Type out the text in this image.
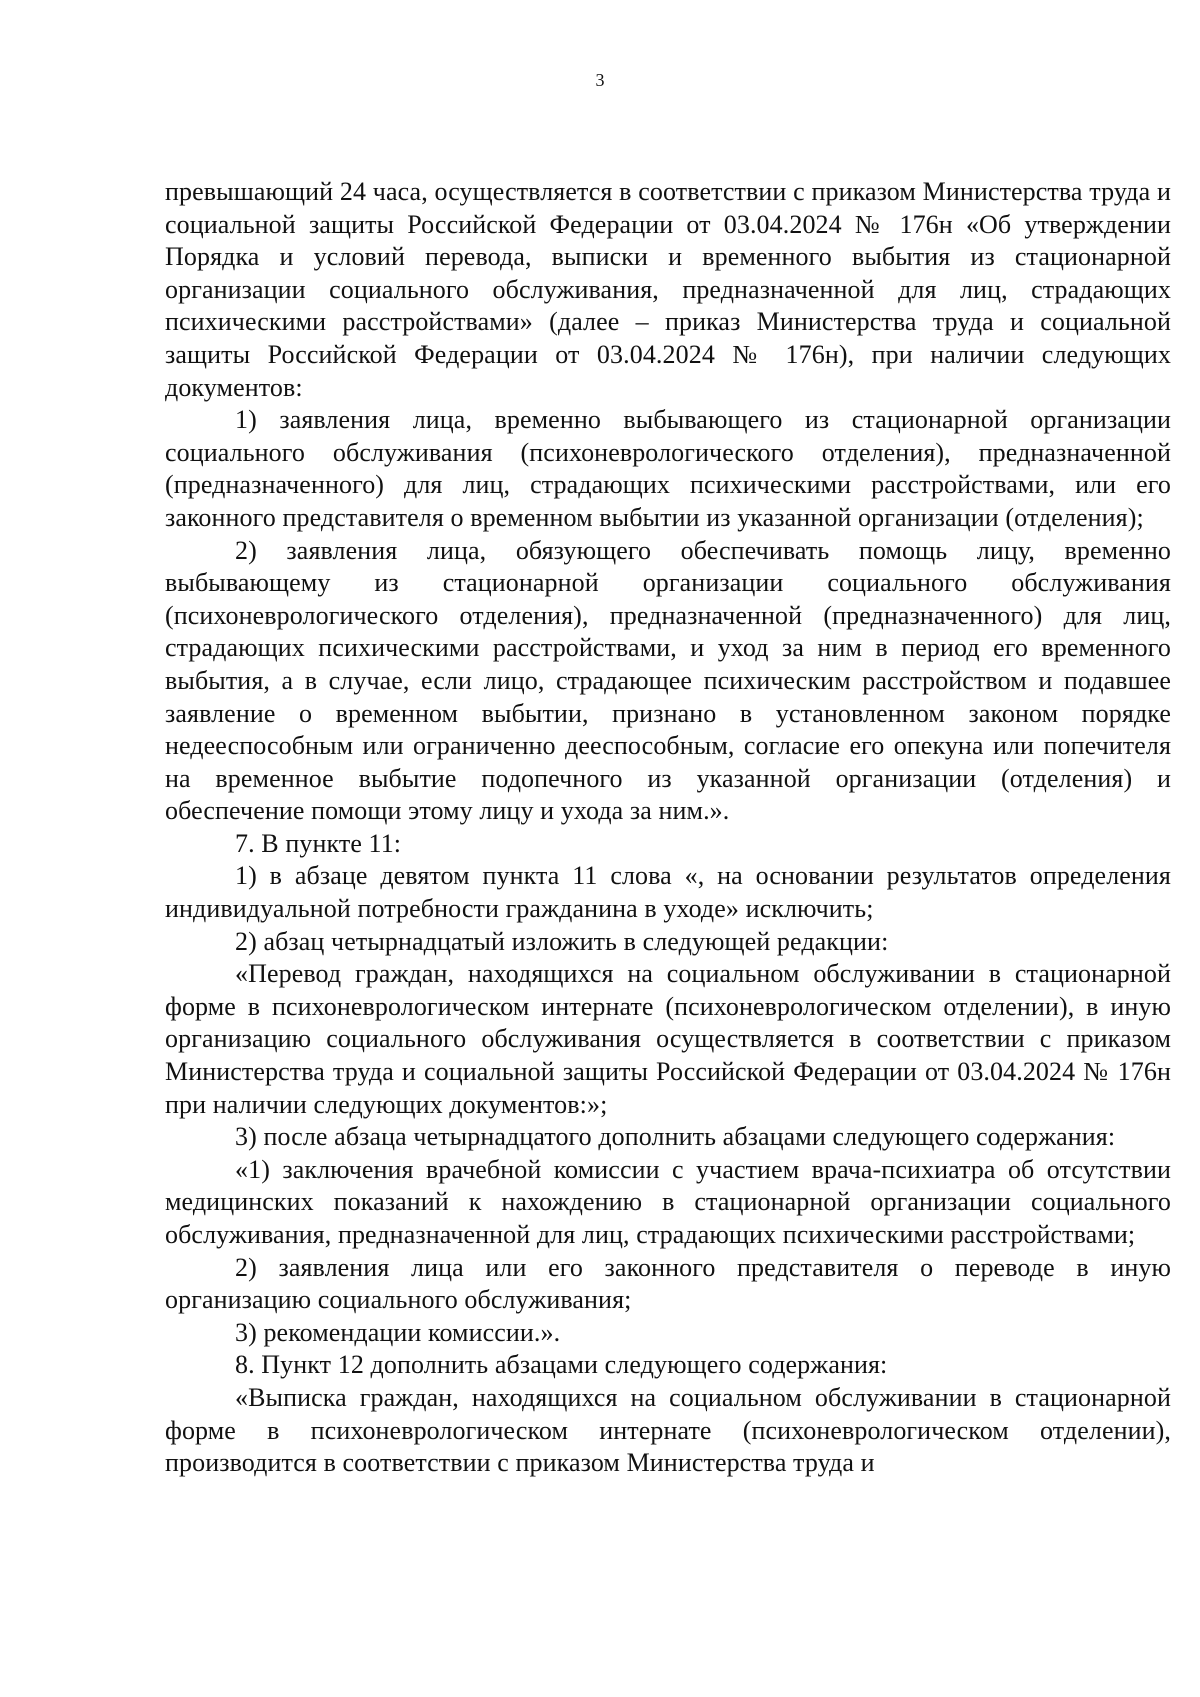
3

превышающий 24 часа, осуществляется в соответствии с приказом Министерства труда и социальной защиты Российской Федерации от 03.04.2024 № 176н «Об утверждении Порядка и условий перевода, выписки и временного выбытия из стационарной организации социального обслуживания, предназначенной для лиц, страдающих психическими расстройствами» (далее – приказ Министерства труда и социальной защиты Российской Федерации от 03.04.2024 № 176н), при наличии следующих документов:

1) заявления лица, временно выбывающего из стационарной организации социального обслуживания (психоневрологического отделения), предназначенной (предназначенного) для лиц, страдающих психическими расстройствами, или его законного представителя о временном выбытии из указанной организации (отделения);

2) заявления лица, обязующего обеспечивать помощь лицу, временно выбывающему из стационарной организации социального обслуживания (психоневрологического отделения), предназначенной (предназначенного) для лиц, страдающих психическими расстройствами, и уход за ним в период его временного выбытия, а в случае, если лицо, страдающее психическим расстройством и подавшее заявление о временном выбытии, признано в установленном законом порядке недееспособным или ограниченно дееспособным, согласие его опекуна или попечителя на временное выбытие подопечного из указанной организации (отделения) и обеспечение помощи этому лицу и ухода за ним.».

7. В пункте 11:

1) в абзаце девятом пункта 11 слова «, на основании результатов определения индивидуальной потребности гражданина в уходе» исключить;

2) абзац четырнадцатый изложить в следующей редакции:

«Перевод граждан, находящихся на социальном обслуживании в стационарной форме в психоневрологическом интернате (психоневрологическом отделении), в иную организацию социального обслуживания осуществляется в соответствии с приказом Министерства труда и социальной защиты Российской Федерации от 03.04.2024 № 176н при наличии следующих документов:»;

3) после абзаца четырнадцатого дополнить абзацами следующего содержания:

«1) заключения врачебной комиссии с участием врача-психиатра об отсутствии медицинских показаний к нахождению в стационарной организации социального обслуживания, предназначенной для лиц, страдающих психическими расстройствами;

2) заявления лица или его законного представителя о переводе в иную организацию социального обслуживания;

3) рекомендации комиссии.».

8. Пункт 12 дополнить абзацами следующего содержания:

«Выписка граждан, находящихся на социальном обслуживании в стационарной форме в психоневрологическом интернате (психоневрологическом отделении), производится в соответствии с приказом Министерства труда и
